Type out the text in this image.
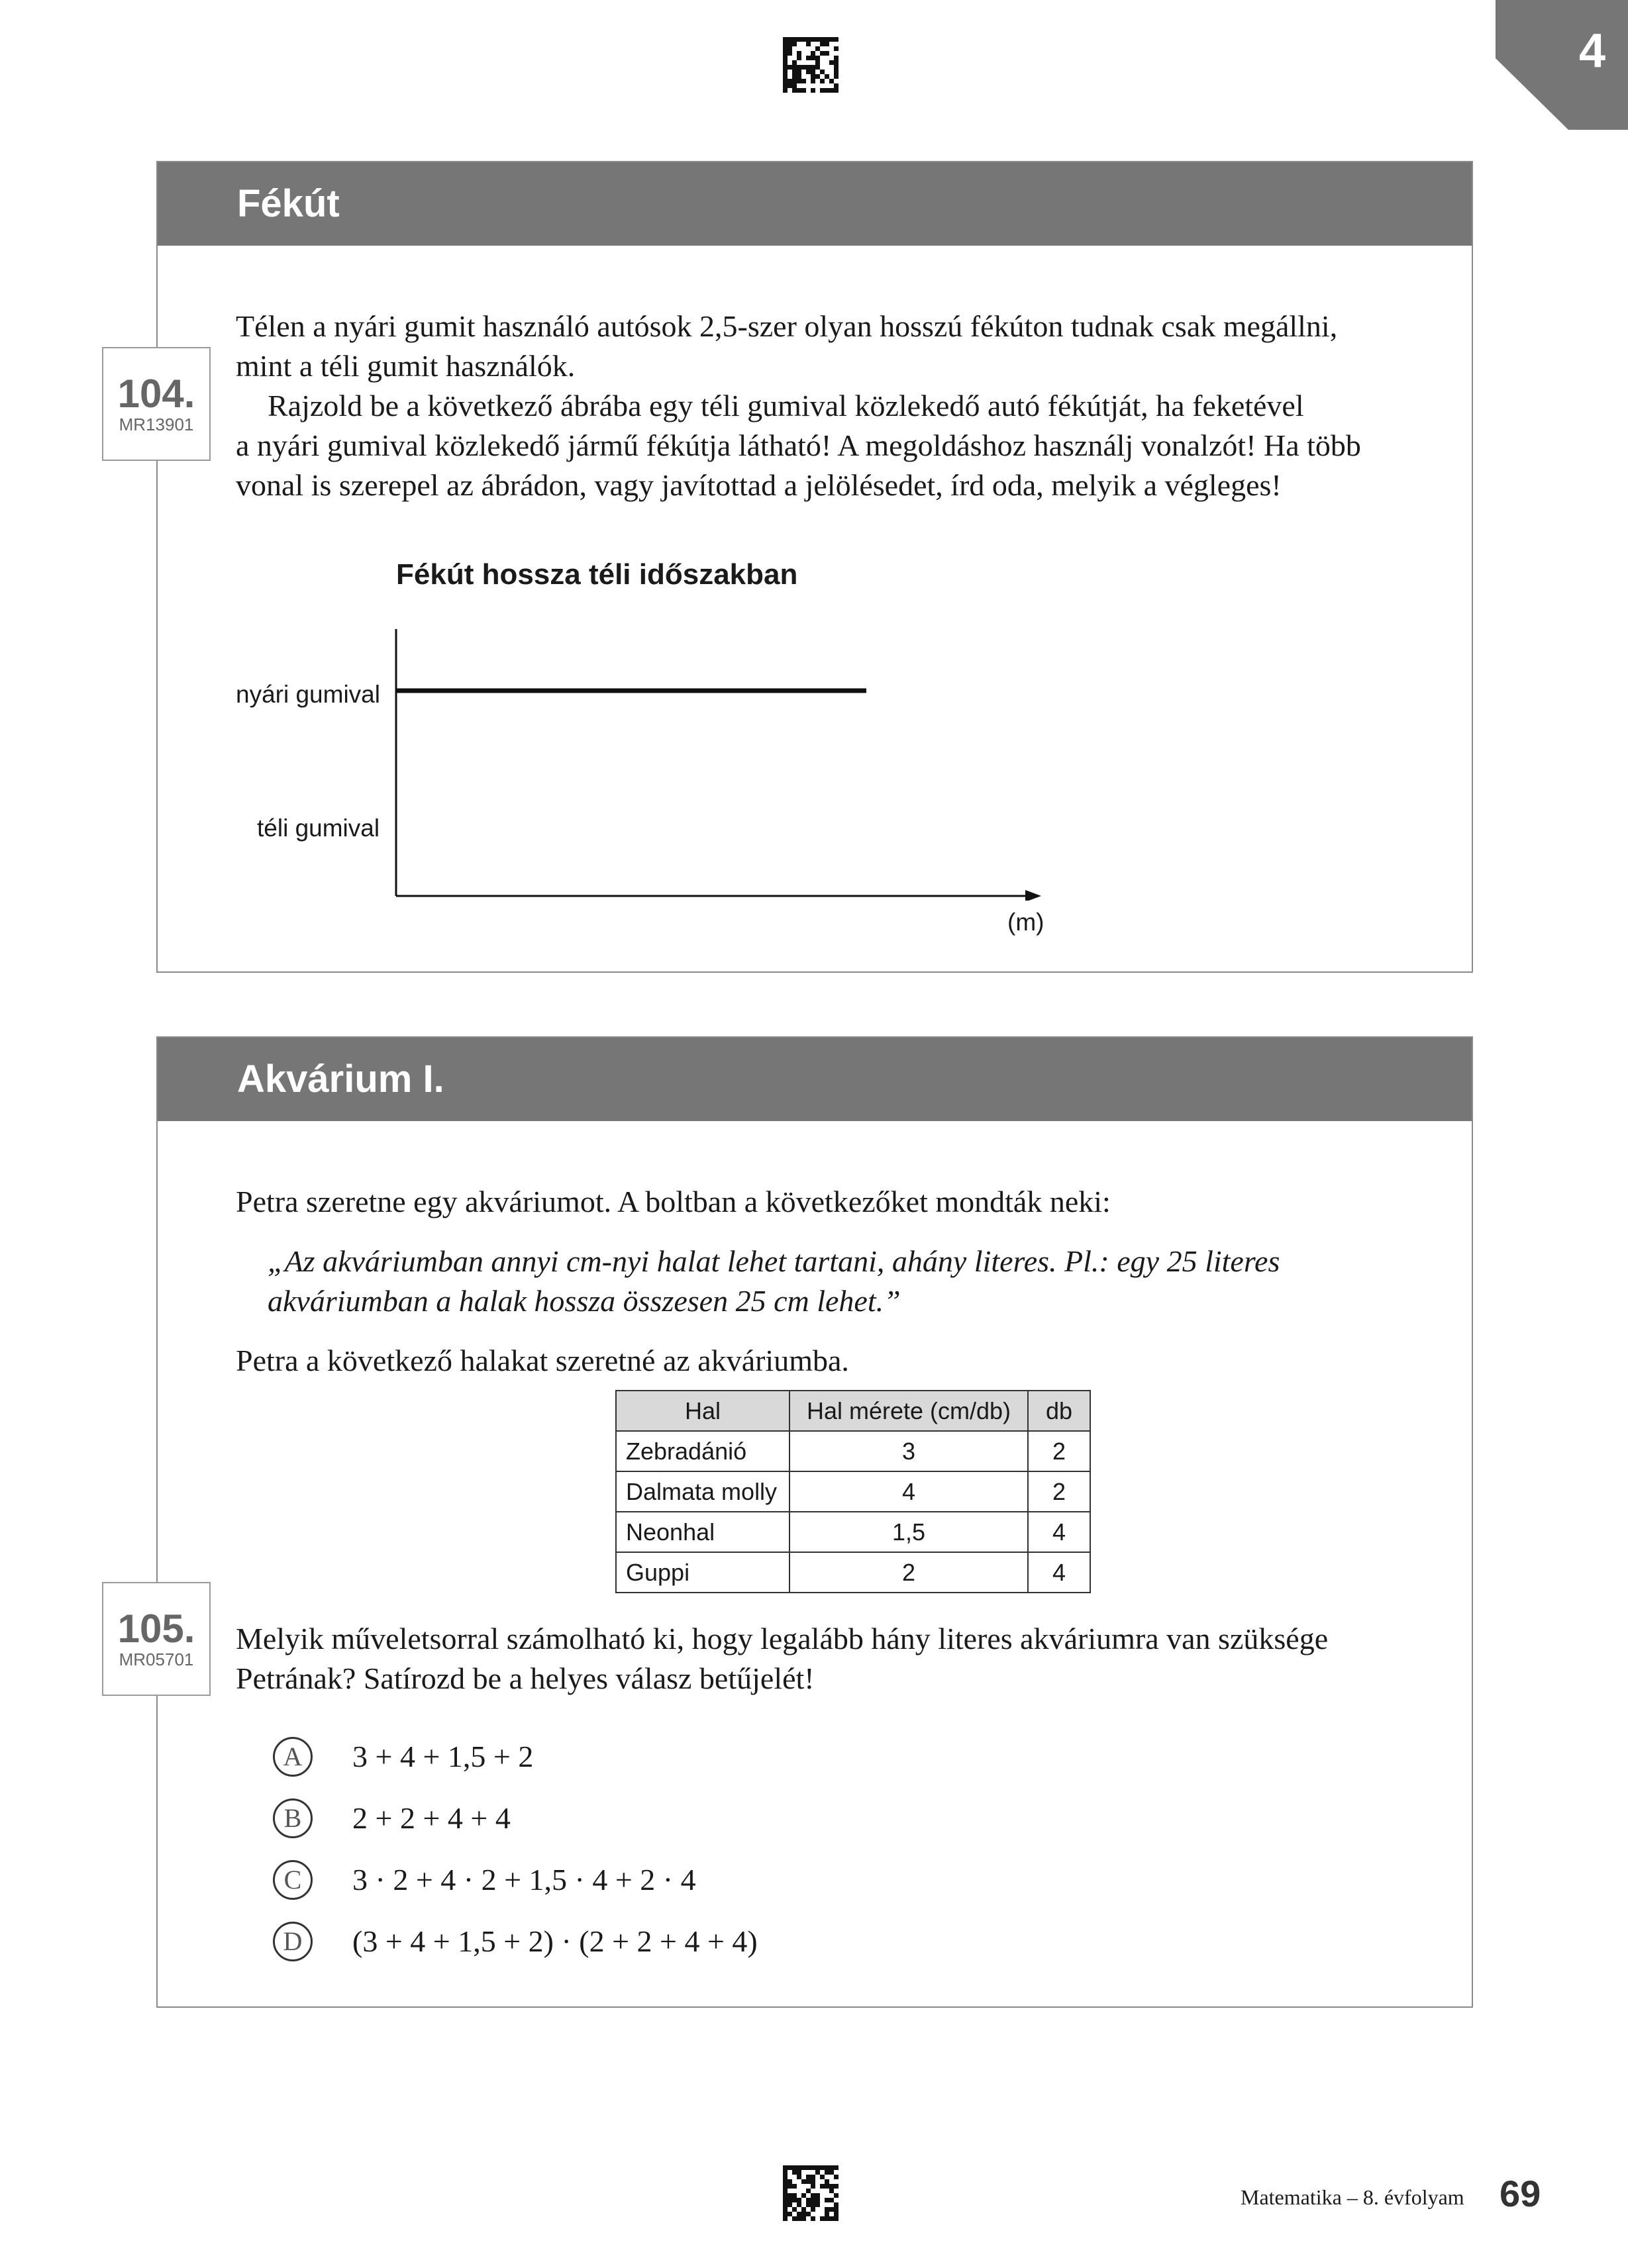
4
Fékút
104.
MR13901
Télen a nyári gumit használó autósok 2,5-szer olyan hosszú fékúton tudnak csak megállni,
mint a téli gumit használók.
Rajzold be a következő ábrába egy téli gumival közlekedő autó fékútját, ha feketével
a nyári gumival közlekedő jármű fékútja látható! A megoldáshoz használj vonalzót! Ha több
vonal is szerepel az ábrádon, vagy javítottad a jelölésedet, írd oda, melyik a végleges!
Fékút hossza téli időszakban
nyári gumival
téli gumival
(m)
Akvárium I.
105.
MR05701
Petra szeretne egy akváriumot. A boltban a következőket mondták neki:
„Az akváriumban annyi cm-nyi halat lehet tartani, ahány literes. Pl.: egy 25 literes
akváriumban a halak hossza összesen 25 cm lehet.”
Petra a következő halakat szeretné az akváriumba.
Hal	Hal mérete (cm/db)	db
Zebradánió	3	2
Dalmata molly	4	2
Neonhal	1,5	4
Guppi	2	4
Melyik műveletsorral számolható ki, hogy legalább hány literes akváriumra van szüksége
Petrának? Satírozd be a helyes válasz betűjelét!
A	3 + 4 + 1,5 + 2
B	2 + 2 + 4 + 4
C	3 · 2 + 4 · 2 + 1,5 · 4 + 2 · 4
D	(3 + 4 + 1,5 + 2) · (2 + 2 + 4 + 4)
Matematika – 8. évfolyam 69
